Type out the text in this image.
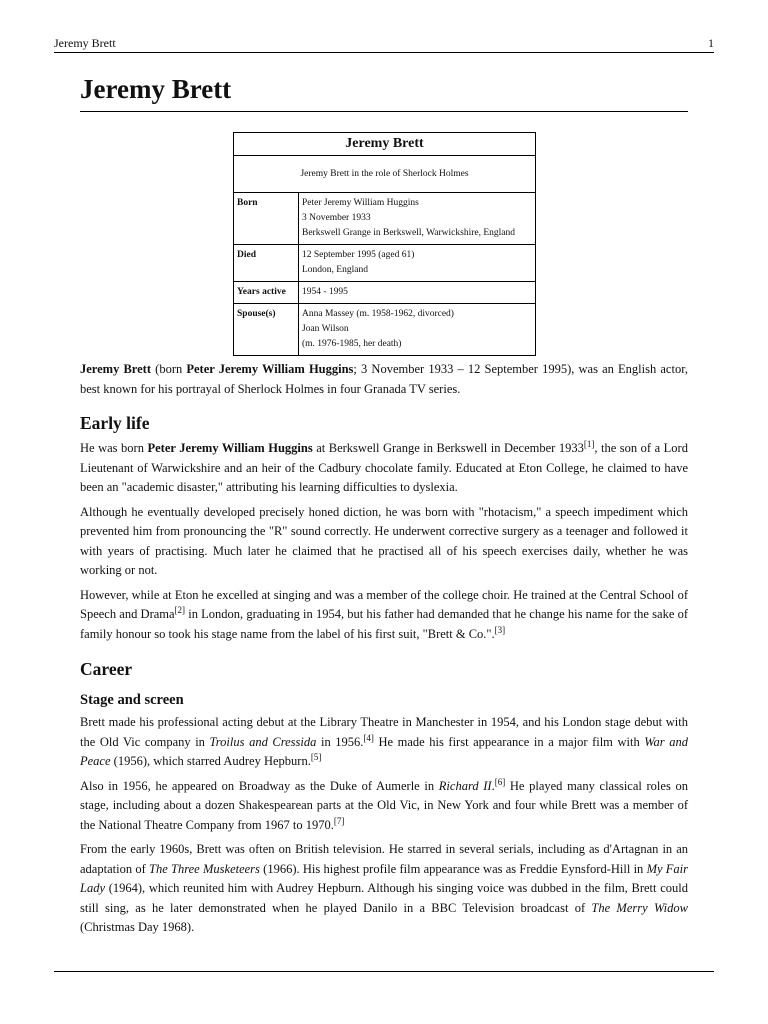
Jeremy Brett	1
Jeremy Brett
Jeremy Brett	
Jeremy Brett in the role of Sherlock Holmes	
Born	Peter Jeremy William Huggins
3 November 1933
Berkswell Grange in Berkswell, Warwickshire, England

Died	12 September 1995 (aged 61)
London, England

Years active	1954 - 1995
Spouse(s)	Anna Massey (m. 1958-1962, divorced)
Joan Wilson
(m. 1976-1985, her death)

Jeremy Brett (born Peter Jeremy William Huggins; 3 November 1933 – 12 September 1995), was an English actor, best known for his portrayal of Sherlock Holmes in four Granada TV series.

Early life

He was born Peter Jeremy William Huggins at Berkswell Grange in Berkswell in December 1933[1], the son of a Lord Lieutenant of Warwickshire and an heir of the Cadbury chocolate family. Educated at Eton College, he claimed to have been an "academic disaster," attributing his learning difficulties to dyslexia.

Although he eventually developed precisely honed diction, he was born with "rhotacism," a speech impediment which prevented him from pronouncing the "R" sound correctly. He underwent corrective surgery as a teenager and followed it with years of practising. Much later he claimed that he practised all of his speech exercises daily, whether he was working or not.

However, while at Eton he excelled at singing and was a member of the college choir. He trained at the Central School of Speech and Drama[2] in London, graduating in 1954, but his father had demanded that he change his name for the sake of family honour so took his stage name from the label of his first suit, "Brett & Co.".[3]

Career
Stage and screen

Brett made his professional acting debut at the Library Theatre in Manchester in 1954, and his London stage debut with the Old Vic company in Troilus and Cressida in 1956.[4] He made his first appearance in a major film with War and Peace (1956), which starred Audrey Hepburn.[5]

Also in 1956, he appeared on Broadway as the Duke of Aumerle in Richard II.[6] He played many classical roles on stage, including about a dozen Shakespearean parts at the Old Vic, in New York and four while Brett was a member of the National Theatre Company from 1967 to 1970.[7]

From the early 1960s, Brett was often on British television. He starred in several serials, including as d'Artagnan in an adaptation of The Three Musketeers (1966). His highest profile film appearance was as Freddie Eynsford-Hill in My Fair Lady (1964), which reunited him with Audrey Hepburn. Although his singing voice was dubbed in the film, Brett could still sing, as he later demonstrated when he played Danilo in a BBC Television broadcast of The Merry Widow (Christmas Day 1968).
